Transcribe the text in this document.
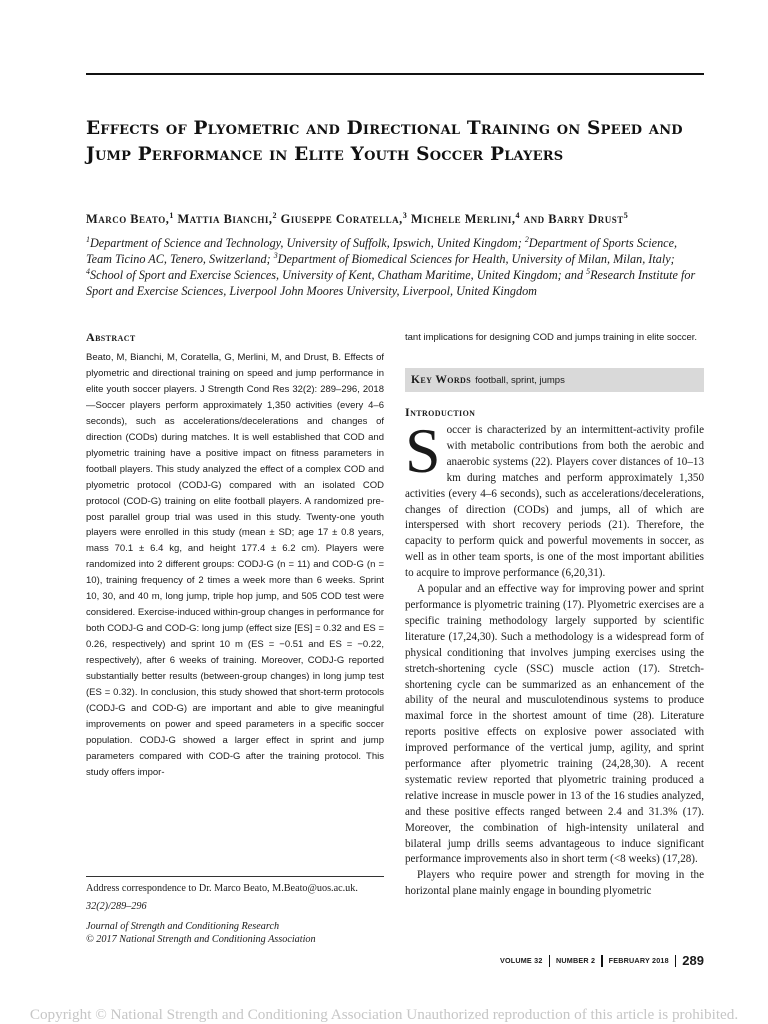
Effects of Plyometric and Directional Training on Speed and Jump Performance in Elite Youth Soccer Players
Marco Beato,$^1$ Mattia Bianchi,$^2$ Giuseppe Coratella,$^3$ Michele Merlini,$^4$ and Barry Drust$^5$
$^1$Department of Science and Technology, University of Suffolk, Ipswich, United Kingdom; $^2$Department of Sports Science, Team Ticino AC, Tenero, Switzerland; $^3$Department of Biomedical Sciences for Health, University of Milan, Milan, Italy; $^4$School of Sport and Exercise Sciences, University of Kent, Chatham Maritime, United Kingdom; and $^5$Research Institute for Sport and Exercise Sciences, Liverpool John Moores University, Liverpool, United Kingdom
Abstract

Beato, M, Bianchi, M, Coratella, G, Merlini, M, and Drust, B. Effects of plyometric and directional training on speed and jump performance in elite youth soccer players. J Strength Cond Res 32(2): 289–296, 2018—Soccer players perform approximately 1,350 activities (every 4–6 seconds), such as accelerations/decelerations and changes of direction (CODs) during matches. It is well established that COD and plyometric training have a positive impact on fitness parameters in football players. This study analyzed the effect of a complex COD and plyometric protocol (CODJ-G) compared with an isolated COD protocol (COD-G) training on elite football players. A randomized pre-post parallel group trial was used in this study. Twenty-one youth players were enrolled in this study (mean ± SD; age 17 ± 0.8 years, mass 70.1 ± 6.4 kg, and height 177.4 ± 6.2 cm). Players were randomized into 2 different groups: CODJ-G (n = 11) and COD-G (n = 10), training frequency of 2 times a week more than 6 weeks. Sprint 10, 30, and 40 m, long jump, triple hop jump, and 505 COD test were considered. Exercise-induced within-group changes in performance for both CODJ-G and COD-G: long jump (effect size [ES] = 0.32 and ES = 0.26, respectively) and sprint 10 m (ES = −0.51 and ES = −0.22, respectively), after 6 weeks of training. Moreover, CODJ-G reported substantially better results (between-group changes) in long jump test (ES = 0.32). In conclusion, this study showed that short-term protocols (CODJ-G and COD-G) are important and able to give meaningful improvements on power and speed parameters in a specific soccer population. CODJ-G showed a larger effect in sprint and jump parameters compared with COD-G after the training protocol. This study offers impor-

tant implications for designing COD and jumps training in elite soccer.

Key Words football, sprint, jumps
Introduction

Soccer is characterized by an intermittent-activity profile with metabolic contributions from both the aerobic and anaerobic systems (22). Players cover distances of 10–13 km during matches and perform approximately 1,350 activities (every 4–6 seconds), such as accelerations/decelerations, changes of direction (CODs) and jumps, all of which are interspersed with short recovery periods (21). Therefore, the capacity to perform quick and powerful movements in soccer, as well as in other team sports, is one of the most important abilities to acquire to improve performance (6,20,31).

A popular and an effective way for improving power and sprint performance is plyometric training (17). Plyometric exercises are a specific training methodology largely supported by scientific literature (17,24,30). Such a methodology is a widespread form of physical conditioning that involves jumping exercises using the stretch-shortening cycle (SSC) muscle action (17). Stretch-shortening cycle can be summarized as an enhancement of the ability of the neural and musculotendinous systems to produce maximal force in the shortest amount of time (28). Literature reports positive effects on explosive power associated with improved performance of the vertical jump, agility, and sprint performance after plyometric training (24,28,30). A recent systematic review reported that plyometric training produced a relative increase in muscle power in 13 of the 16 studies analyzed, and these positive effects ranged between 2.4 and 31.3% (17). Moreover, the combination of high-intensity unilateral and bilateral jump drills seems advantageous to induce significant performance improvements also in short term (<8 weeks) (17,28).

Players who require power and strength for moving in the horizontal plane mainly engage in bounding plyometric

Address correspondence to Dr. Marco Beato, M.Beato@uos.ac.uk.
32(2)/289–296
Journal of Strength and Conditioning Research
© 2017 National Strength and Conditioning Association
VOLUME 32 NUMBER 2 FEBRUARY 2018 289
Copyright © National Strength and Conditioning Association Unauthorized reproduction of this article is prohibited.
